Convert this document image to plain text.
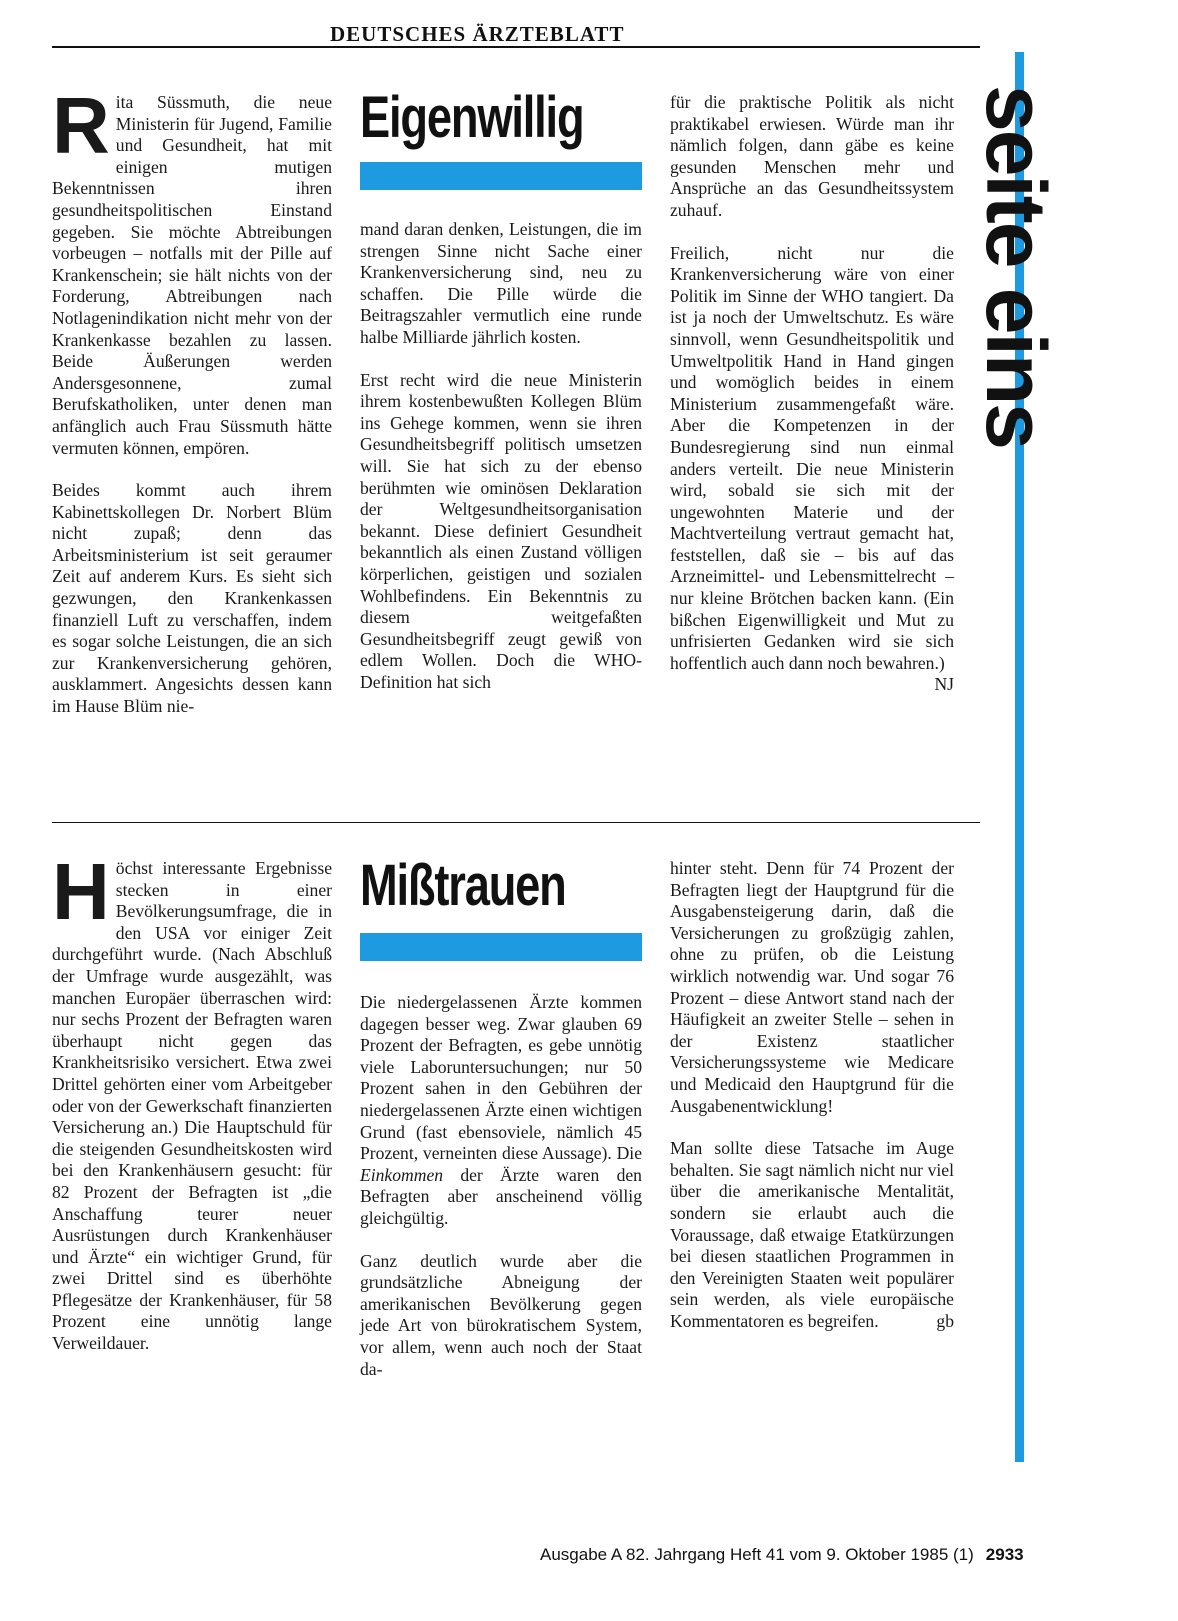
DEUTSCHES ÄRZTEBLATT
seite eins

Rita Süssmuth, die neue Ministerin für Jugend, Familie und Gesundheit, hat mit einigen mutigen Bekenntnissen ihren gesundheitspolitischen Einstand gegeben. Sie möchte Abtreibungen vorbeugen – notfalls mit der Pille auf Krankenschein; sie hält nichts von der Forderung, Abtreibungen nach Notlagenindikation nicht mehr von der Krankenkasse bezahlen zu lassen. Beide Äußerungen werden Andersgesonnene, zumal Berufskatholiken, unter denen man anfänglich auch Frau Süssmuth hätte vermuten können, empören.

Beides kommt auch ihrem Kabinettskollegen Dr. Norbert Blüm nicht zupaß; denn das Arbeitsministerium ist seit geraumer Zeit auf anderem Kurs. Es sieht sich gezwungen, den Krankenkassen finanziell Luft zu verschaffen, indem es sogar solche Leistungen, die an sich zur Krankenversicherung gehören, ausklammert. Angesichts dessen kann im Hause Blüm nie-

Eigenwillig

mand daran denken, Leistungen, die im strengen Sinne nicht Sache einer Krankenversicherung sind, neu zu schaffen. Die Pille würde die Beitragszahler vermutlich eine runde halbe Milliarde jährlich kosten.

Erst recht wird die neue Ministerin ihrem kostenbewußten Kollegen Blüm ins Gehege kommen, wenn sie ihren Gesundheitsbegriff politisch umsetzen will. Sie hat sich zu der ebenso berühmten wie ominösen Deklaration der Weltgesundheitsorganisation bekannt. Diese definiert Gesundheit bekanntlich als einen Zustand völligen körperlichen, geistigen und sozialen Wohlbefindens. Ein Bekenntnis zu diesem weitgefaßten Gesundheitsbegriff zeugt gewiß von edlem Wollen. Doch die WHO-Definition hat sich

für die praktische Politik als nicht praktikabel erwiesen. Würde man ihr nämlich folgen, dann gäbe es keine gesunden Menschen mehr und Ansprüche an das Gesundheitssystem zuhauf.

Freilich, nicht nur die Krankenversicherung wäre von einer Politik im Sinne der WHO tangiert. Da ist ja noch der Umweltschutz. Es wäre sinnvoll, wenn Gesundheitspolitik und Umweltpolitik Hand in Hand gingen und womöglich beides in einem Ministerium zusammengefaßt wäre. Aber die Kompetenzen in der Bundesregierung sind nun einmal anders verteilt. Die neue Ministerin wird, sobald sie sich mit der ungewohnten Materie und der Machtverteilung vertraut gemacht hat, feststellen, daß sie – bis auf das Arzneimittel- und Lebensmittelrecht – nur kleine Brötchen backen kann. (Ein bißchen Eigenwilligkeit und Mut zu unfrisierten Gedanken wird sie sich hoffentlich auch dann noch bewahren.)
NJ

Höchst interessante Ergebnisse stecken in einer Bevölkerungsumfrage, die in den USA vor einiger Zeit durchgeführt wurde. (Nach Abschluß der Umfrage wurde ausgezählt, was manchen Europäer überraschen wird: nur sechs Prozent der Befragten waren überhaupt nicht gegen das Krankheitsrisiko versichert. Etwa zwei Drittel gehörten einer vom Arbeitgeber oder von der Gewerkschaft finanzierten Versicherung an.) Die Hauptschuld für die steigenden Gesundheitskosten wird bei den Krankenhäusern gesucht: für 82 Prozent der Befragten ist „die Anschaffung teurer neuer Ausrüstungen durch Krankenhäuser und Ärzte“ ein wichtiger Grund, für zwei Drittel sind es überhöhte Pflegesätze der Krankenhäuser, für 58 Prozent eine unnötig lange Verweildauer.

Mißtrauen

Die niedergelassenen Ärzte kommen dagegen besser weg. Zwar glauben 69 Prozent der Befragten, es gebe unnötig viele Laboruntersuchungen; nur 50 Prozent sahen in den Gebühren der niedergelassenen Ärzte einen wichtigen Grund (fast ebensoviele, nämlich 45 Prozent, verneinten diese Aussage). Die Einkommen der Ärzte waren den Befragten aber anscheinend völlig gleichgültig.

Ganz deutlich wurde aber die grundsätzliche Abneigung der amerikanischen Bevölkerung gegen jede Art von bürokratischem System, vor allem, wenn auch noch der Staat da-

hinter steht. Denn für 74 Prozent der Befragten liegt der Hauptgrund für die Ausgabensteigerung darin, daß die Versicherungen zu großzügig zahlen, ohne zu prüfen, ob die Leistung wirklich notwendig war. Und sogar 76 Prozent – diese Antwort stand nach der Häufigkeit an zweiter Stelle – sehen in der Existenz staatlicher Versicherungssysteme wie Medicare und Medicaid den Hauptgrund für die Ausgabenentwicklung!

Man sollte diese Tatsache im Auge behalten. Sie sagt nämlich nicht nur viel über die amerikanische Mentalität, sondern sie erlaubt auch die Voraussage, daß etwaige Etatkürzungen bei diesen staatlichen Programmen in den Vereinigten Staaten weit populärer sein werden, als viele europäische Kommentatoren es begreifen.	gb

Ausgabe A 82. Jahrgang Heft 41 vom 9. Oktober 1985 (1) 2933
